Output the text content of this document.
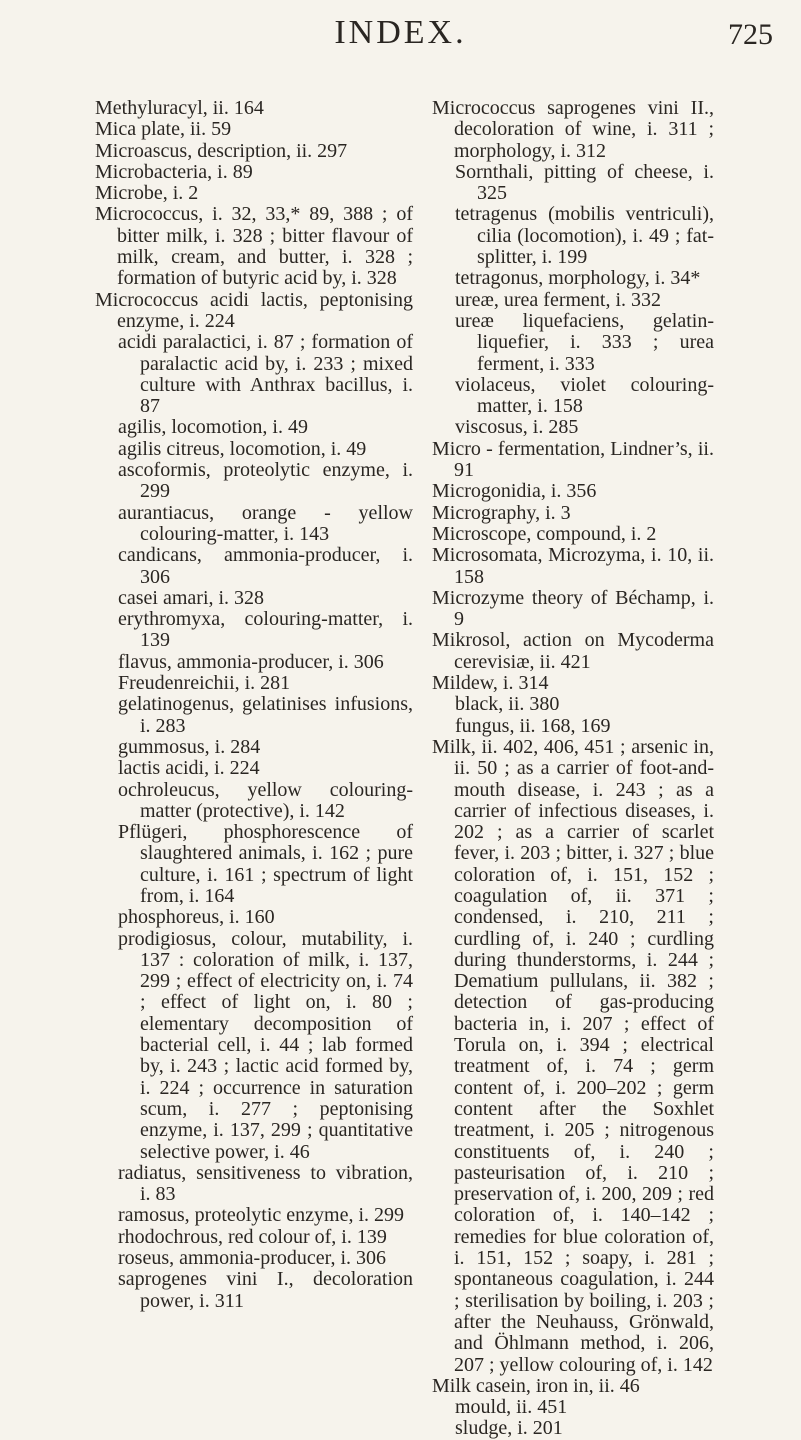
INDEX.	725

Methyluracyl, ii. 164

Mica plate, ii. 59

Microascus, description, ii. 297

Microbacteria, i. 89

Microbe, i. 2

Micrococcus, i. 32, 33,* 89, 388 ; of bitter milk, i. 328 ; bitter flavour of milk, cream, and butter, i. 328 ; formation of butyric acid by, i. 328

Micrococcus acidi lactis, peptonising enzyme, i. 224

acidi paralactici, i. 87 ; formation of paralactic acid by, i. 233 ; mixed culture with Anthrax bacillus, i. 87

agilis, locomotion, i. 49

agilis citreus, locomotion, i. 49

ascoformis, proteolytic enzyme, i. 299

aurantiacus, orange - yellow colouring-matter, i. 143

candicans, ammonia-producer, i. 306

casei amari, i. 328

erythromyxa, colouring-matter, i. 139

flavus, ammonia-producer, i. 306

Freudenreichii, i. 281

gelatinogenus, gelatinises infusions, i. 283

gummosus, i. 284

lactis acidi, i. 224

ochroleucus, yellow colouring-matter (protective), i. 142

Pflügeri, phosphorescence of slaughtered animals, i. 162 ; pure culture, i. 161 ; spectrum of light from, i. 164

phosphoreus, i. 160

prodigiosus, colour, mutability, i. 137 : coloration of milk, i. 137, 299 ; effect of electricity on, i. 74 ; effect of light on, i. 80 ; elementary decomposition of bacterial cell, i. 44 ; lab formed by, i. 243 ; lactic acid formed by, i. 224 ; occurrence in saturation scum, i. 277 ; peptonising enzyme, i. 137, 299 ; quantitative selective power, i. 46

radiatus, sensitiveness to vibration, i. 83

ramosus, proteolytic enzyme, i. 299

rhodochrous, red colour of, i. 139

roseus, ammonia-producer, i. 306

saprogenes vini I., decoloration power, i. 311

Micrococcus saprogenes vini II., decoloration of wine, i. 311 ; morphology, i. 312

Sornthali, pitting of cheese, i. 325

tetragenus (mobilis ventriculi), cilia (locomotion), i. 49 ; fat-splitter, i. 199

tetragonus, morphology, i. 34*

ureæ, urea ferment, i. 332

ureæ liquefaciens, gelatin-liquefier, i. 333 ; urea ferment, i. 333

violaceus, violet colouring-matter, i. 158

viscosus, i. 285

Micro - fermentation, Lindner’s, ii. 91

Microgonidia, i. 356

Micrography, i. 3

Microscope, compound, i. 2

Microsomata, Microzyma, i. 10, ii. 158

Microzyme theory of Béchamp, i. 9

Mikrosol, action on Mycoderma cerevisiæ, ii. 421

Mildew, i. 314

black, ii. 380

fungus, ii. 168, 169

Milk, ii. 402, 406, 451 ; arsenic in, ii. 50 ; as a carrier of foot-and-mouth disease, i. 243 ; as a carrier of infectious diseases, i. 202 ; as a carrier of scarlet fever, i. 203 ; bitter, i. 327 ; blue coloration of, i. 151, 152 ; coagulation of, ii. 371 ; condensed, i. 210, 211 ; curdling of, i. 240 ; curdling during thunderstorms, i. 244 ; Dematium pullulans, ii. 382 ; detection of gas-producing bacteria in, i. 207 ; effect of Torula on, i. 394 ; electrical treatment of, i. 74 ; germ content of, i. 200–202 ; germ content after the Soxhlet treatment, i. 205 ; nitrogenous constituents of, i. 240 ; pasteurisation of, i. 210 ; preservation of, i. 200, 209 ; red coloration of, i. 140–142 ; remedies for blue coloration of, i. 151, 152 ; soapy, i. 281 ; spontaneous coagulation, i. 244 ; sterilisation by boiling, i. 203 ; after the Neuhauss, Grönwald, and Öhlmann method, i. 206, 207 ; yellow colouring of, i. 142

Milk casein, iron in, ii. 46

mould, ii. 451

sludge, i. 201
